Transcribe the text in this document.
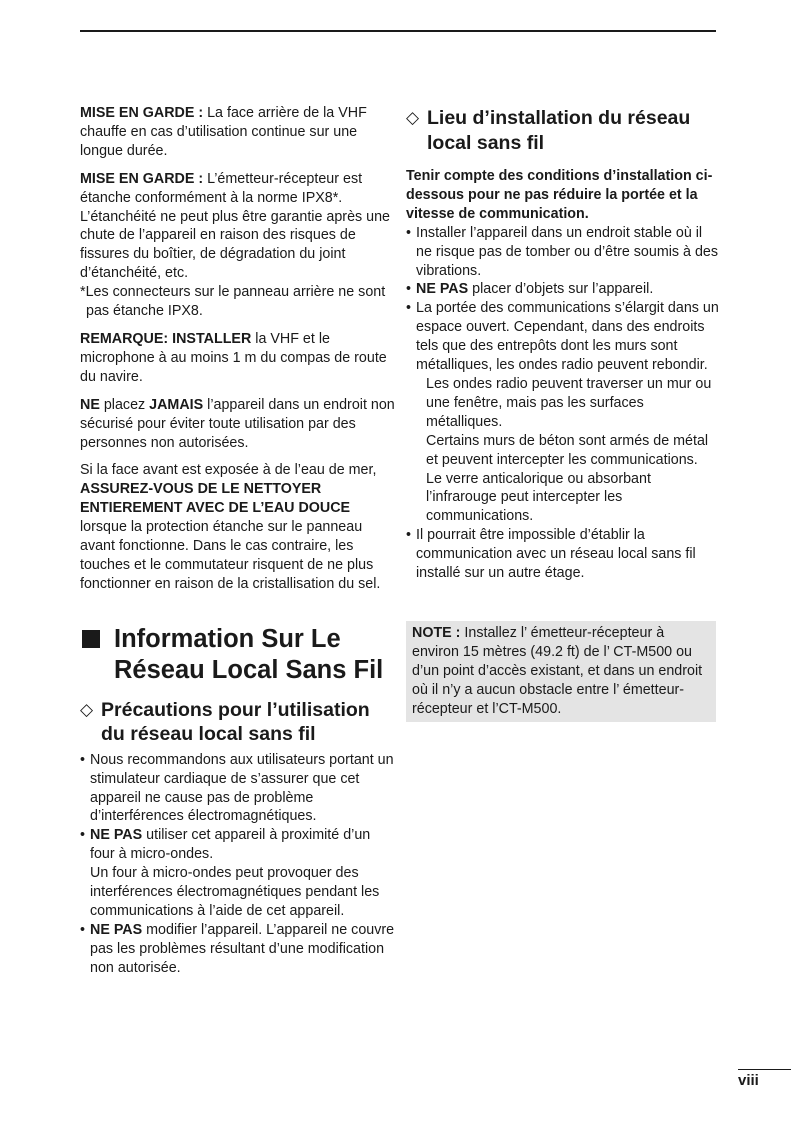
MISE EN GARDE : La face arrière de la VHF chauffe en cas d’utilisation continue sur une longue durée.

MISE EN GARDE : L’émetteur-récepteur est étanche conformément à la norme IPX8*. L’étanchéité ne peut plus être garantie après une chute de l’appareil en raison des risques de fissures du boîtier, de dégradation du joint d’étanchéité, etc.

*Les connecteurs sur le panneau arrière ne sont pas étanche IPX8.

REMARQUE: INSTALLER la VHF et le microphone à au moins 1 m du compas de route du navire.

NE placez JAMAIS l’appareil dans un endroit non sécurisé pour éviter toute utilisation par des personnes non autorisées.

Si la face avant est exposée à de l’eau de mer, ASSUREZ-VOUS DE LE NETTOYER ENTIEREMENT AVEC DE L’EAU DOUCE lorsque la protection étanche sur le panneau avant fonctionne. Dans le cas contraire, les touches et le commutateur risquent de ne plus fonctionner en raison de la cristallisation du sel.

Information Sur Le Réseau Local Sans Fil
◇ Précautions pour l’utilisation du réseau local sans fil
• Nous recommandons aux utilisateurs portant un stimulateur cardiaque de s’assurer que cet appareil ne cause pas de problème d’interférences électromagnétiques.
• NE PAS utiliser cet appareil à proximité d’un four à micro-ondes.
Un four à micro-ondes peut provoquer des interférences électromagnétiques pendant les communications à l’aide de cet appareil.
• NE PAS modifier l’appareil. L’appareil ne couvre pas les problèmes résultant d’une modification non autorisée.
◇ Lieu d’installation du réseau local sans fil

Tenir compte des conditions d’installation ci-dessous pour ne pas réduire la portée et la vitesse de communication.

• Installer l’appareil dans un endroit stable où il ne risque pas de tomber ou d’être soumis à des vibrations.
• NE PAS placer d’objets sur l’appareil.
• La portée des communications s’élargit dans un espace ouvert. Cependant, dans des endroits tels que des entrepôts dont les murs sont métalliques, les ondes radio peuvent rebondir.
Les ondes radio peuvent traverser un mur ou une fenêtre, mais pas les surfaces métalliques.
Certains murs de béton sont armés de métal et peuvent intercepter les communications.
Le verre anticalorique ou absorbant l’infrarouge peut intercepter les communications.
• Il pourrait être impossible d’établir la communication avec un réseau local sans fil installé sur un autre étage.
NOTE : Installez l’ émetteur-récepteur à environ 15 mètres (49.2 ft) de l’ CT-M500 ou d’un point d’accès existant, et dans un endroit où il n’y a aucun obstacle entre l’ émetteur-récepteur et l’CT-M500.
viii
